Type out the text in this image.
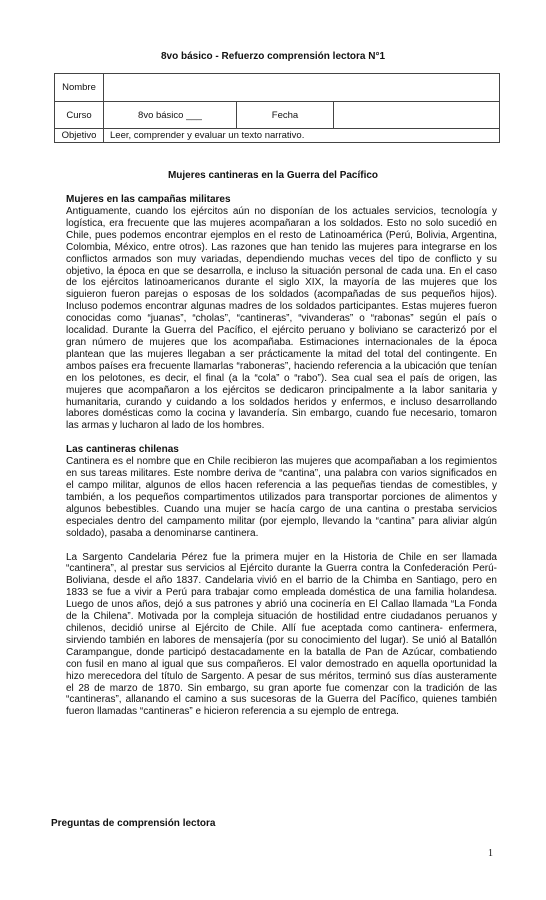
8vo básico - Refuerzo comprensión lectora N°1
Nombre			
Curso	8vo básico ___	Fecha	
Objetivo	Leer, comprender y evaluar un texto narrativo.		
Mujeres cantineras en la Guerra del Pacífico
Mujeres en las campañas militares

Antiguamente, cuando los ejércitos aún no disponían de los actuales servicios, tecnología y logística, era frecuente que las mujeres acompañaran a los soldados. Esto no solo sucedió en Chile, pues podemos encontrar ejemplos en el resto de Latinoamérica (Perú, Bolivia, Argentina, Colombia, México, entre otros). Las razones que han tenido las mujeres para integrarse en los conflictos armados son muy variadas, dependiendo muchas veces del tipo de conflicto y su objetivo, la época en que se desarrolla, e incluso la situación personal de cada una. En el caso de los ejércitos latinoamericanos durante el siglo XIX, la mayoría de las mujeres que los siguieron fueron parejas o esposas de los soldados (acompañadas de sus pequeños hijos). Incluso podemos encontrar algunas madres de los soldados participantes. Estas mujeres fueron conocidas como “juanas”, “cholas”, “cantineras”, “vivanderas” o “rabonas” según el país o localidad. Durante la Guerra del Pacífico, el ejército peruano y boliviano se caracterizó por el gran número de mujeres que los acompañaba. Estimaciones internacionales de la época plantean que las mujeres llegaban a ser prácticamente la mitad del total del contingente. En ambos países era frecuente llamarlas “raboneras”, haciendo referencia a la ubicación que tenían en los pelotones, es decir, el final (a la “cola” o “rabo”). Sea cual sea el país de origen, las mujeres que acompañaron a los ejércitos se dedicaron principalmente a la labor sanitaria y humanitaria, curando y cuidando a los soldados heridos y enfermos, e incluso desarrollando labores domésticas como la cocina y lavandería. Sin embargo, cuando fue necesario, tomaron las armas y lucharon al lado de los hombres.

Las cantineras chilenas

Cantinera es el nombre que en Chile recibieron las mujeres que acompañaban a los regimientos en sus tareas militares. Este nombre deriva de “cantina”, una palabra con varios significados en el campo militar, algunos de ellos hacen referencia a las pequeñas tiendas de comestibles, y también, a los pequeños compartimentos utilizados para transportar porciones de alimentos y algunos bebestibles. Cuando una mujer se hacía cargo de una cantina o prestaba servicios especiales dentro del campamento militar (por ejemplo, llevando la “cantina” para aliviar algún soldado), pasaba a denominarse cantinera.

La Sargento Candelaria Pérez fue la primera mujer en la Historia de Chile en ser llamada “cantinera”, al prestar sus servicios al Ejército durante la Guerra contra la Confederación Perú-Boliviana, desde el año 1837. Candelaria vivió en el barrio de la Chimba en Santiago, pero en 1833 se fue a vivir a Perú para trabajar como empleada doméstica de una familia holandesa. Luego de unos años, dejó a sus patrones y abrió una cocinería en El Callao llamada “La Fonda de la Chilena”. Motivada por la compleja situación de hostilidad entre ciudadanos peruanos y chilenos, decidió unirse al Ejército de Chile. Allí fue aceptada como cantinera- enfermera, sirviendo también en labores de mensajería (por su conocimiento del lugar). Se unió al Batallón Carampangue, donde participó destacadamente en la batalla de Pan de Azúcar, combatiendo con fusil en mano al igual que sus compañeros. El valor demostrado en aquella oportunidad la hizo merecedora del título de Sargento. A pesar de sus méritos, terminó sus días austeramente el 28 de marzo de 1870. Sin embargo, su gran aporte fue comenzar con la tradición de las “cantineras”, allanando el camino a sus sucesoras de la Guerra del Pacífico, quienes también fueron llamadas “cantineras” e hicieron referencia a su ejemplo de entrega.

Preguntas de comprensión lectora
1
